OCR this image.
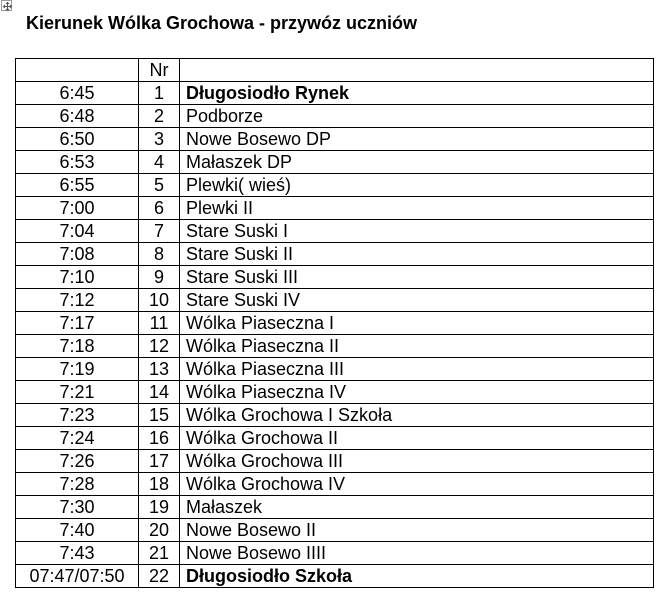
Kierunek Wólka Grochowa - przywóz uczniów
	Nr	
6:45	1	Długosiodło Rynek
6:48	2	Podborze
6:50	3	Nowe Bosewo DP
6:53	4	Małaszek DP
6:55	5	Plewki( wieś)
7:00	6	Plewki II
7:04	7	Stare Suski I
7:08	8	Stare Suski II
7:10	9	Stare Suski III
7:12	10	Stare Suski IV
7:17	11	Wólka Piaseczna I
7:18	12	Wólka Piaseczna II
7:19	13	Wólka Piaseczna III
7:21	14	Wólka Piaseczna IV
7:23	15	Wólka Grochowa I Szkoła
7:24	16	Wólka Grochowa II
7:26	17	Wólka Grochowa III
7:28	18	Wólka Grochowa IV
7:30	19	Małaszek
7:40	20	Nowe Bosewo II
7:43	21	Nowe Bosewo IIII
07:47/07:50	22	Długosiodło Szkoła
